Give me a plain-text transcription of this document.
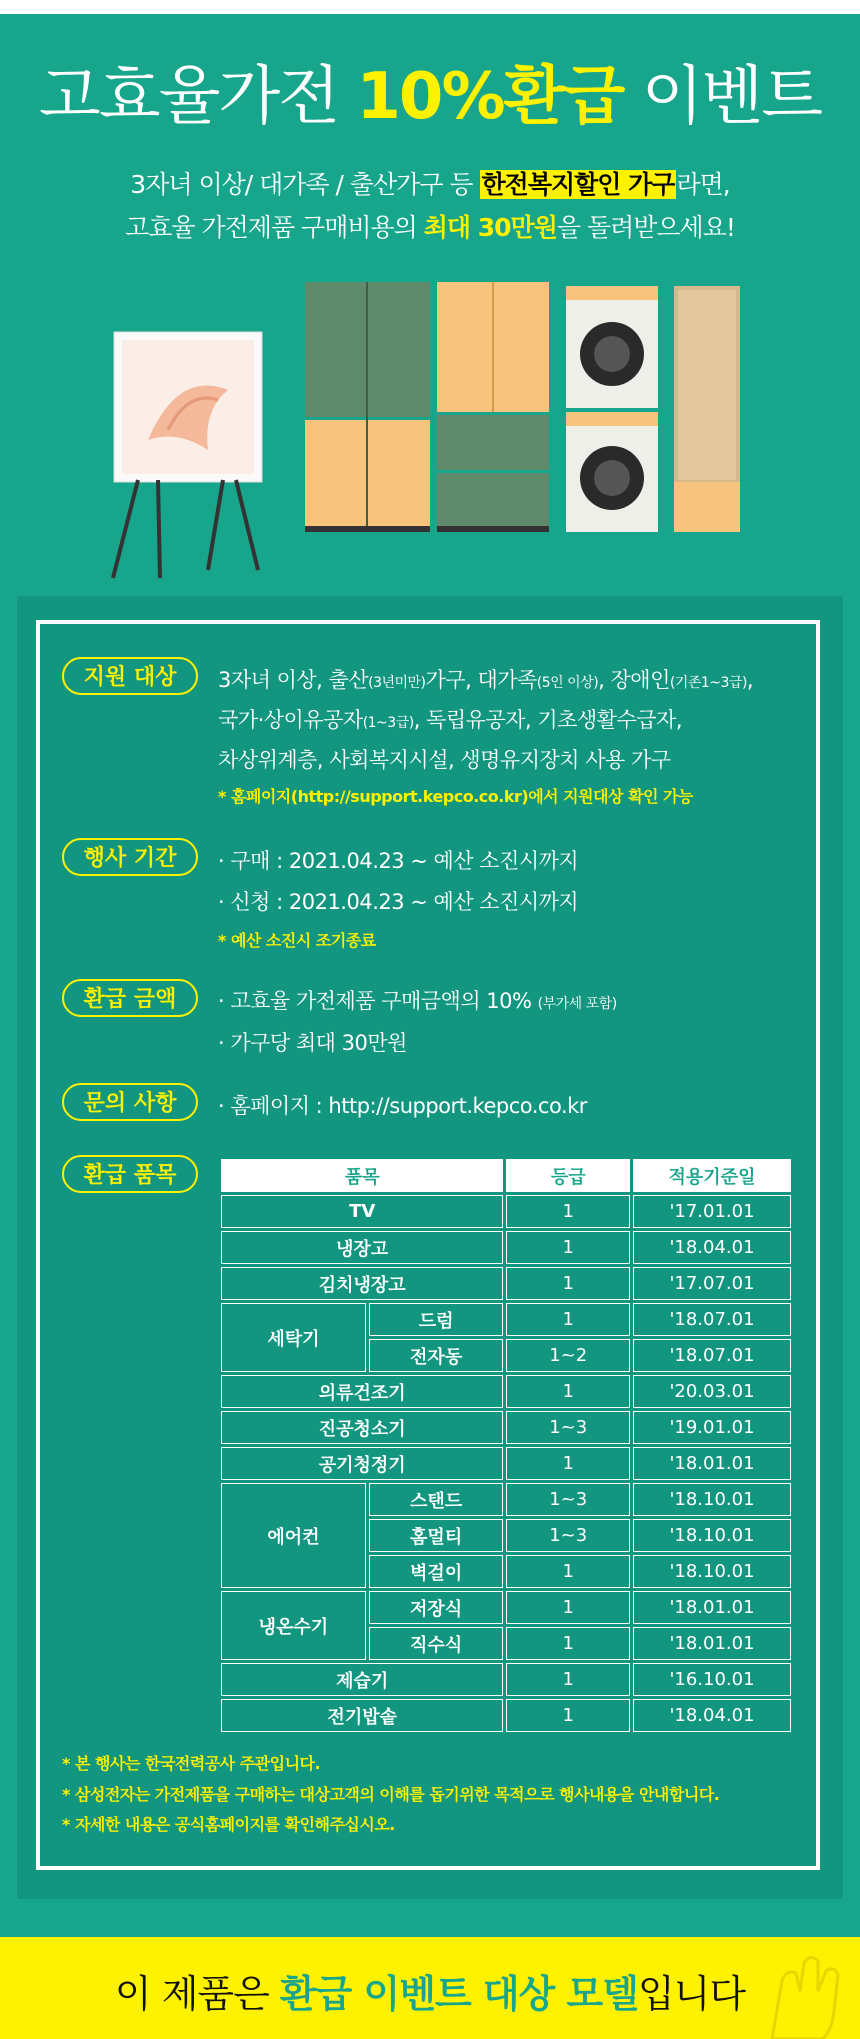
고효율가전 10%환급 이벤트
3자녀 이상/ 대가족 / 출산가구 등 한전복지할인 가구라면,
고효율 가전제품 구매비용의 최대 30만원을 돌려받으세요!
지원 대상	3자녀 이상, 출산(3년미만)가구, 대가족(5인 이상), 장애인(기존1~3급),
국가·상이유공자(1~3급), 독립유공자, 기초생활수급자,
차상위계층, 사회복지시설, 생명유지장치 사용 가구
* 홈페이지(http://support.kepco.co.kr)에서 지원대상 확인 가능
행사 기간	· 구매 : 2021.04.23 ~ 예산 소진시까지
· 신청 : 2021.04.23 ~ 예산 소진시까지
* 예산 소진시 조기종료
환급 금액	· 고효율 가전제품 구매금액의 10% (부가세 포함)
· 가구당 최대 30만원
문의 사항	· 홈페이지 : http://support.kepco.co.kr
환급 품목	품목		등급	적용기준일
TV		1	'17.01.01
냉장고		1	'18.04.01
김치냉장고		1	'17.07.01
세탁기	드럼	1	'18.07.01
	전자동	1~2	'18.07.01
의류건조기		1	'20.03.01
진공청소기		1~3	'19.01.01
공기청정기		1	'18.01.01
에어컨	스탠드	1~3	'18.10.01
	홈멀티	1~3	'18.10.01
	벽걸이	1	'18.10.01
냉온수기	저장식	1	'18.01.01
	직수식	1	'18.01.01
제습기		1	'16.10.01
전기밥솥		1	'18.04.01
* 본 행사는 한국전력공사 주관입니다.
* 삼성전자는 가전제품을 구매하는 대상고객의 이해를 돕기위한 목적으로 행사내용을 안내합니다.
* 자세한 내용은 공식홈페이지를 확인해주십시오.
이 제품은 환급 이벤트 대상 모델입니다
